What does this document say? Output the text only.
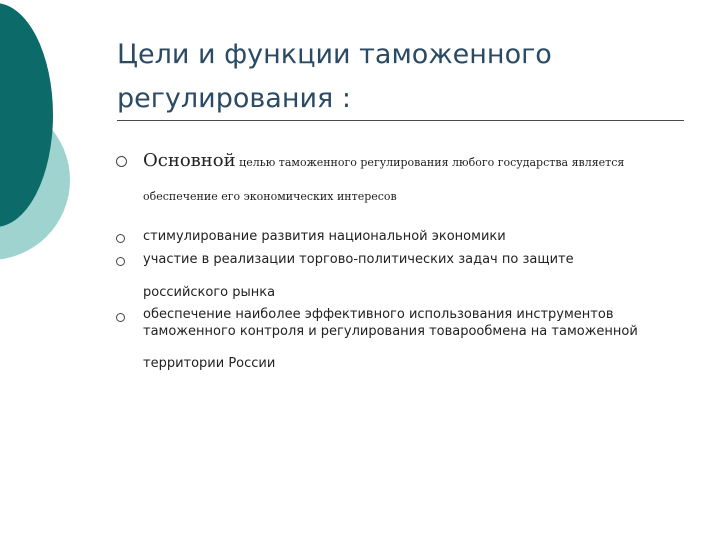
Цели и функции таможенного
регулирования :
Основной целью таможенного регулирования любого государства является
обеспечение его экономических интересов
стимулирование развития национальной экономики
участие в реализации торгово-политических задач по защите
российского рынка
обеспечение наиболее эффективного использования инструментов
таможенного контроля и регулирования товарообмена на таможенной
территории России
